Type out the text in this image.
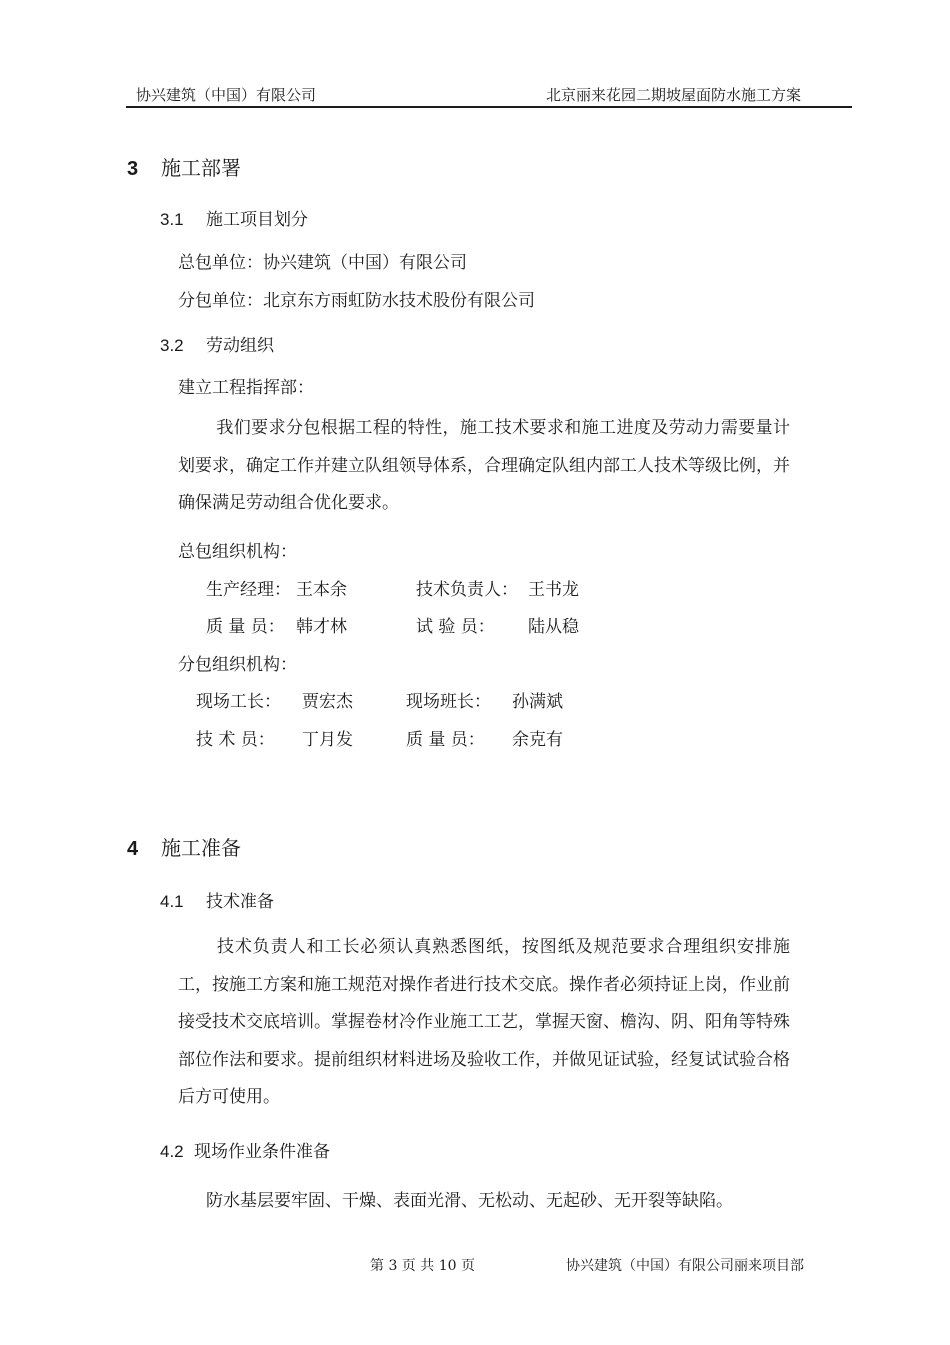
协兴建筑（中国）有限公司	北京丽来花园二期坡屋面防水施工方案
3 施工部署
3.1 施工项目划分
总包单位：协兴建筑（中国）有限公司
分包单位：北京东方雨虹防水技术股份有限公司
3.2 劳动组织
建立工程指挥部：
我们要求分包根据工程的特性，施工技术要求和施工进度及劳动力需要量计划要求，确定工作并建立队组领导体系，合理确定队组内部工人技术等级比例，并确保满足劳动组合优化要求。
总包组织机构：
生产经理： 王本余	技术负责人： 王书龙
质 量 员： 韩才林	试 验 员： 陆从稳
分包组织机构：
现场工长： 贾宏杰	现场班长： 孙满斌
技 术 员： 丁月发	质 量 员： 余克有
4 施工准备
4.1 技术准备
技术负责人和工长必须认真熟悉图纸，按图纸及规范要求合理组织安排施工，按施工方案和施工规范对操作者进行技术交底。操作者必须持证上岗，作业前接受技术交底培训。掌握卷材冷作业施工工艺，掌握天窗、檐沟、阴、阳角等特殊部位作法和要求。提前组织材料进场及验收工作，并做见证试验，经复试试验合格后方可使用。
4.2 现场作业条件准备
防水基层要牢固、干燥、表面光滑、无松动、无起砂、无开裂等缺陷。
第 3 页 共 10 页	协兴建筑（中国）有限公司丽来项目部
